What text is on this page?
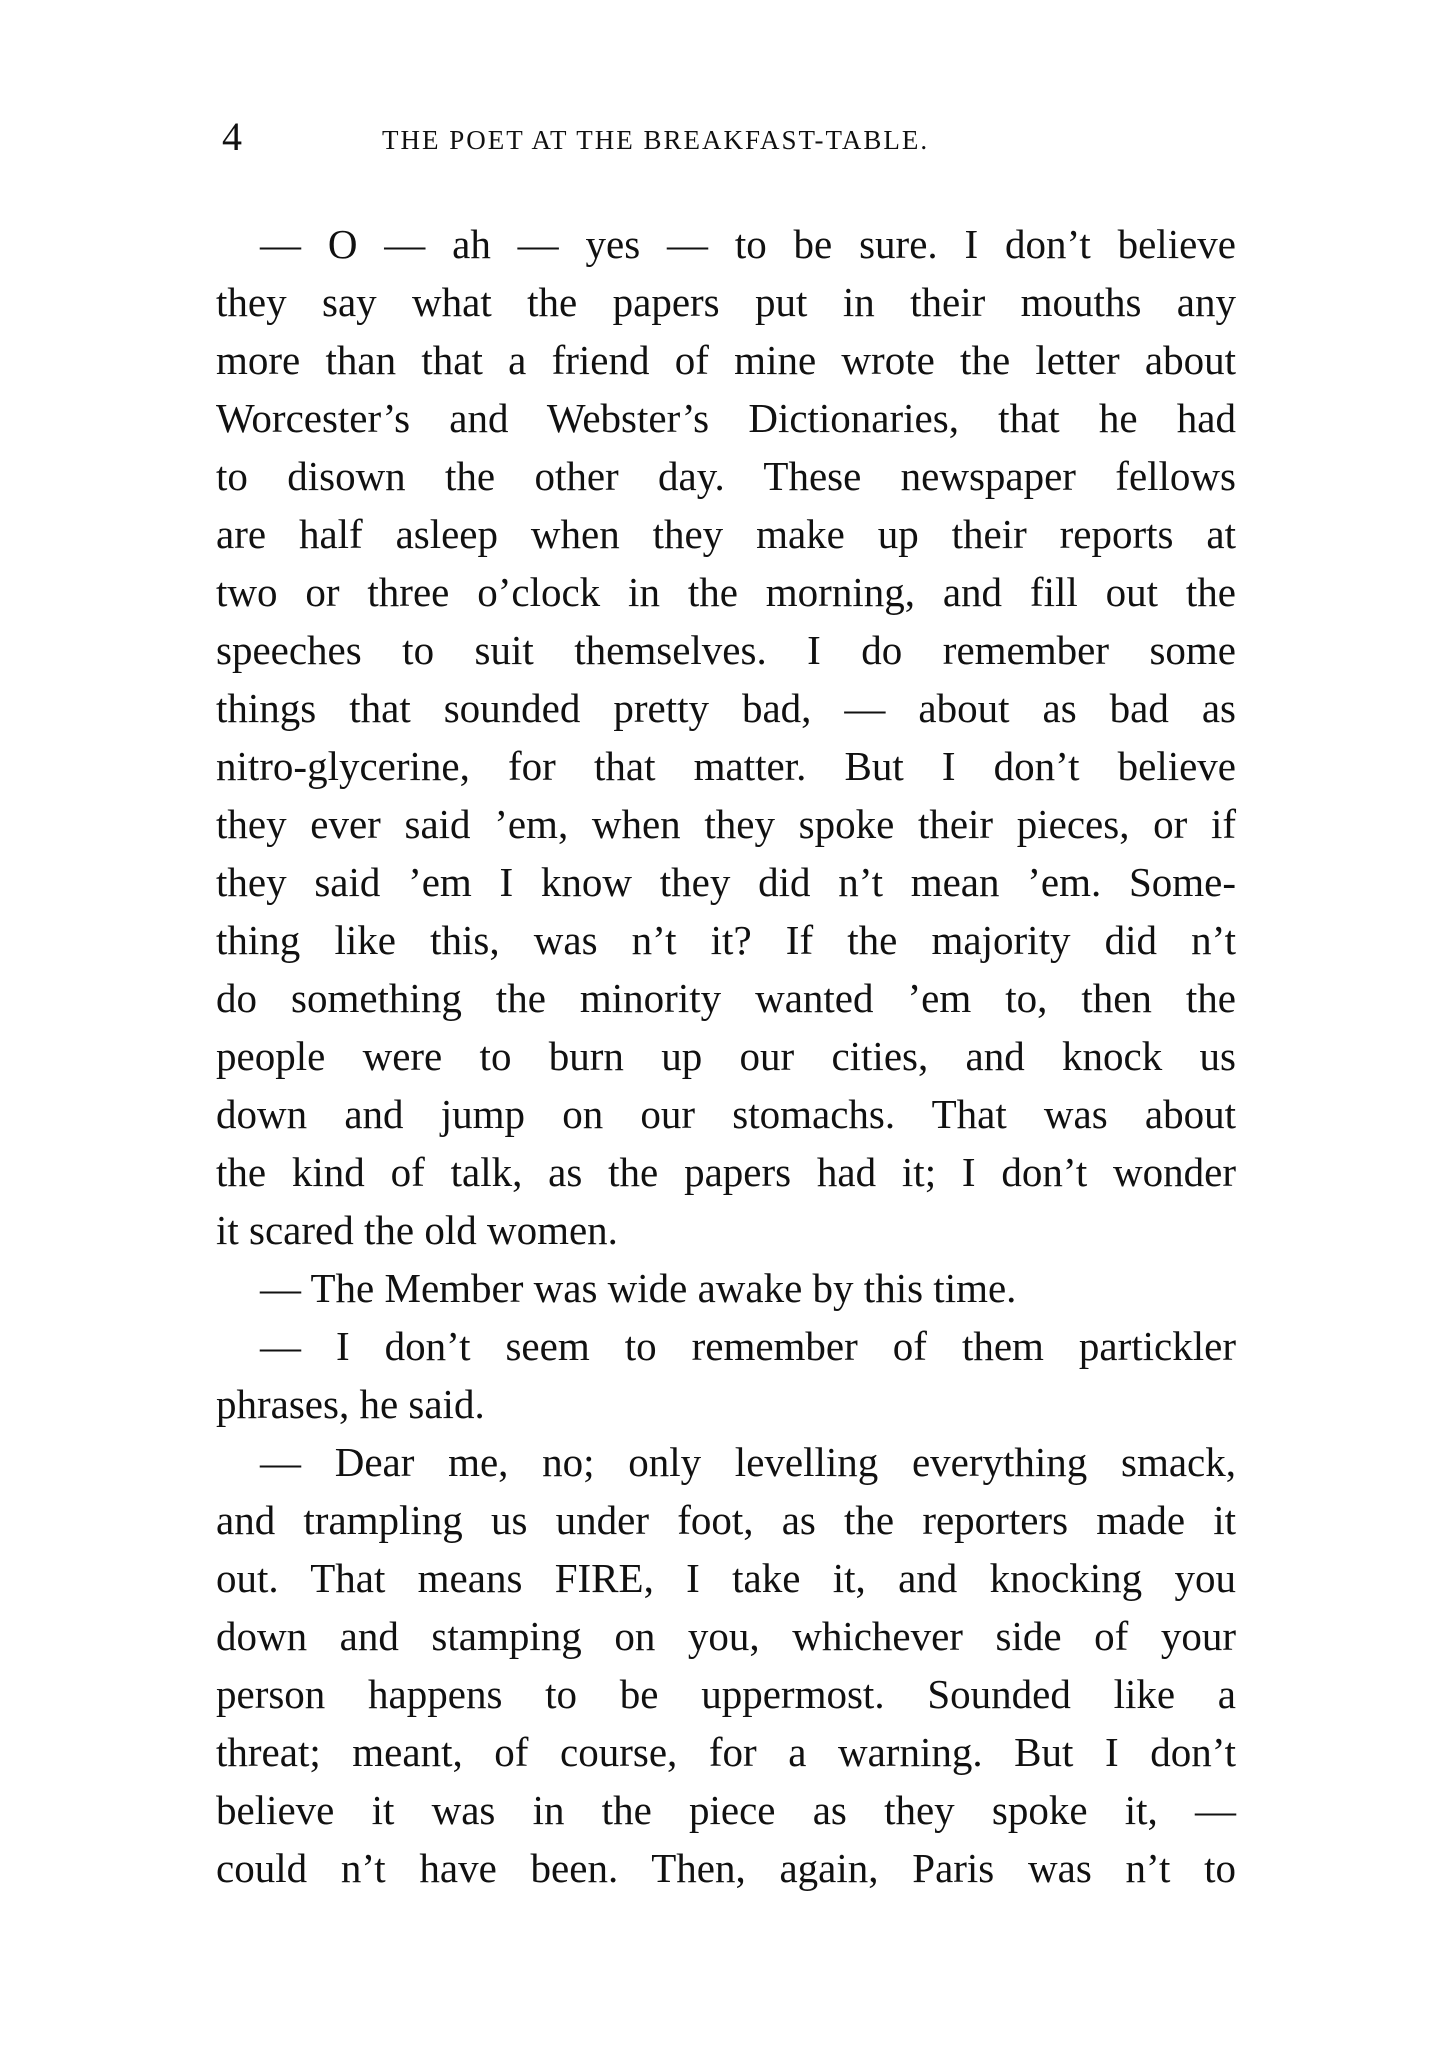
4	THE POET AT THE BREAKFAST-TABLE.
— O — ah — yes — to be sure. I don’t believe
they say what the papers put in their mouths any
more than that a friend of mine wrote the letter about
Worcester’s and Webster’s Dictionaries, that he had
to disown the other day. These newspaper fellows
are half asleep when they make up their reports at
two or three o’clock in the morning, and fill out the
speeches to suit themselves. I do remember some
things that sounded pretty bad, — about as bad as
nitro-glycerine, for that matter. But I don’t believe
they ever said ’em, when they spoke their pieces, or if
they said ’em I know they did n’t mean ’em. Some-
thing like this, was n’t it? If the majority did n’t
do something the minority wanted ’em to, then the
people were to burn up our cities, and knock us
down and jump on our stomachs. That was about
the kind of talk, as the papers had it; I don’t wonder
it scared the old women.
— The Member was wide awake by this time.
— I don’t seem to remember of them partickler
phrases, he said.
— Dear me, no; only levelling everything smack,
and trampling us under foot, as the reporters made it
out. That means FIRE, I take it, and knocking you
down and stamping on you, whichever side of your
person happens to be uppermost. Sounded like a
threat; meant, of course, for a warning. But I don’t
believe it was in the piece as they spoke it, —
could n’t have been. Then, again, Paris was n’t to
